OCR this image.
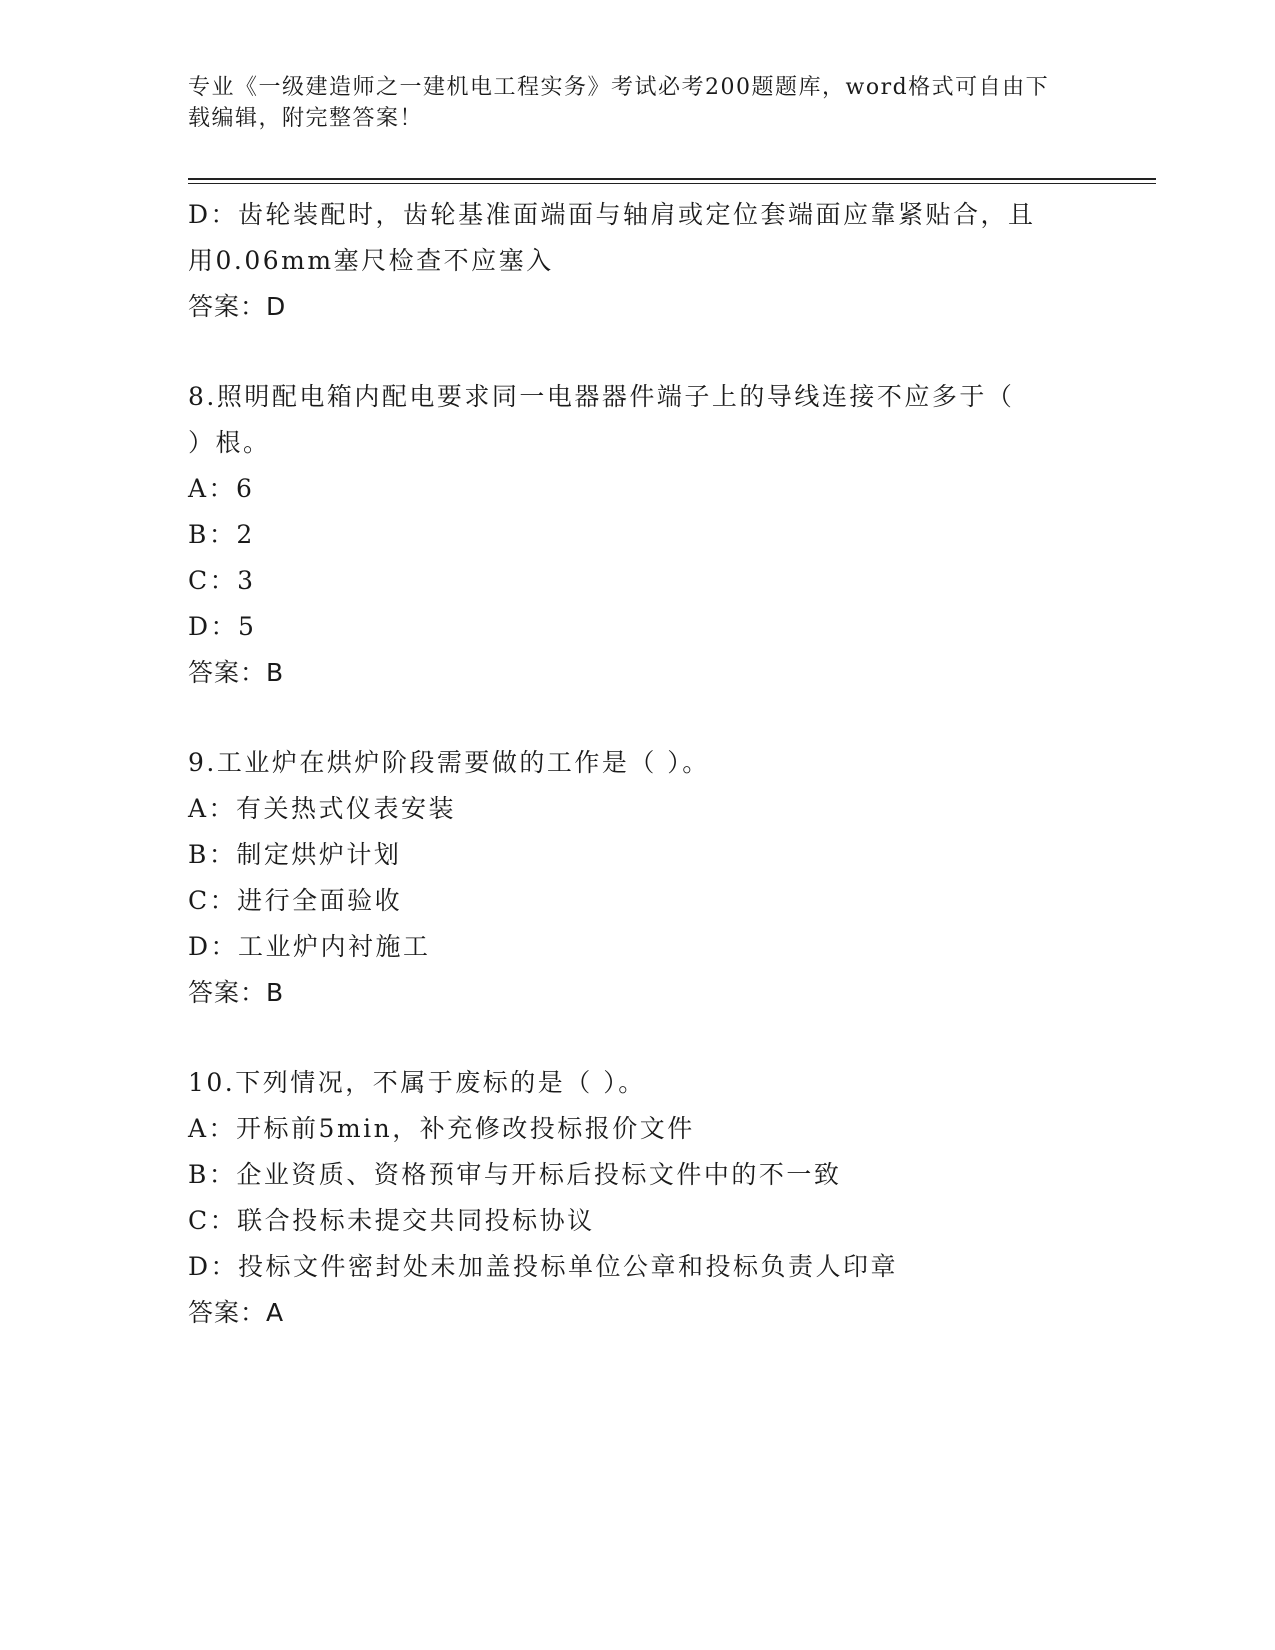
专业《一级建造师之一建机电工程实务》考试必考200题题库，word格式可自由下载编辑，附完整答案！
D：齿轮装配时，齿轮基准面端面与轴肩或定位套端面应靠紧贴合，且
用0.06mm塞尺检查不应塞入
答案：D
8.照明配电箱内配电要求同一电器器件端子上的导线连接不应多于（
）根。
A：6
B：2
C：3
D：5
答案：B
9.工业炉在烘炉阶段需要做的工作是（ ）。
A：有关热式仪表安装
B：制定烘炉计划
C：进行全面验收
D：工业炉内衬施工
答案：B
10.下列情况，不属于废标的是（ ）。
A：开标前5min，补充修改投标报价文件
B：企业资质、资格预审与开标后投标文件中的不一致
C：联合投标未提交共同投标协议
D：投标文件密封处未加盖投标单位公章和投标负责人印章
答案：A
